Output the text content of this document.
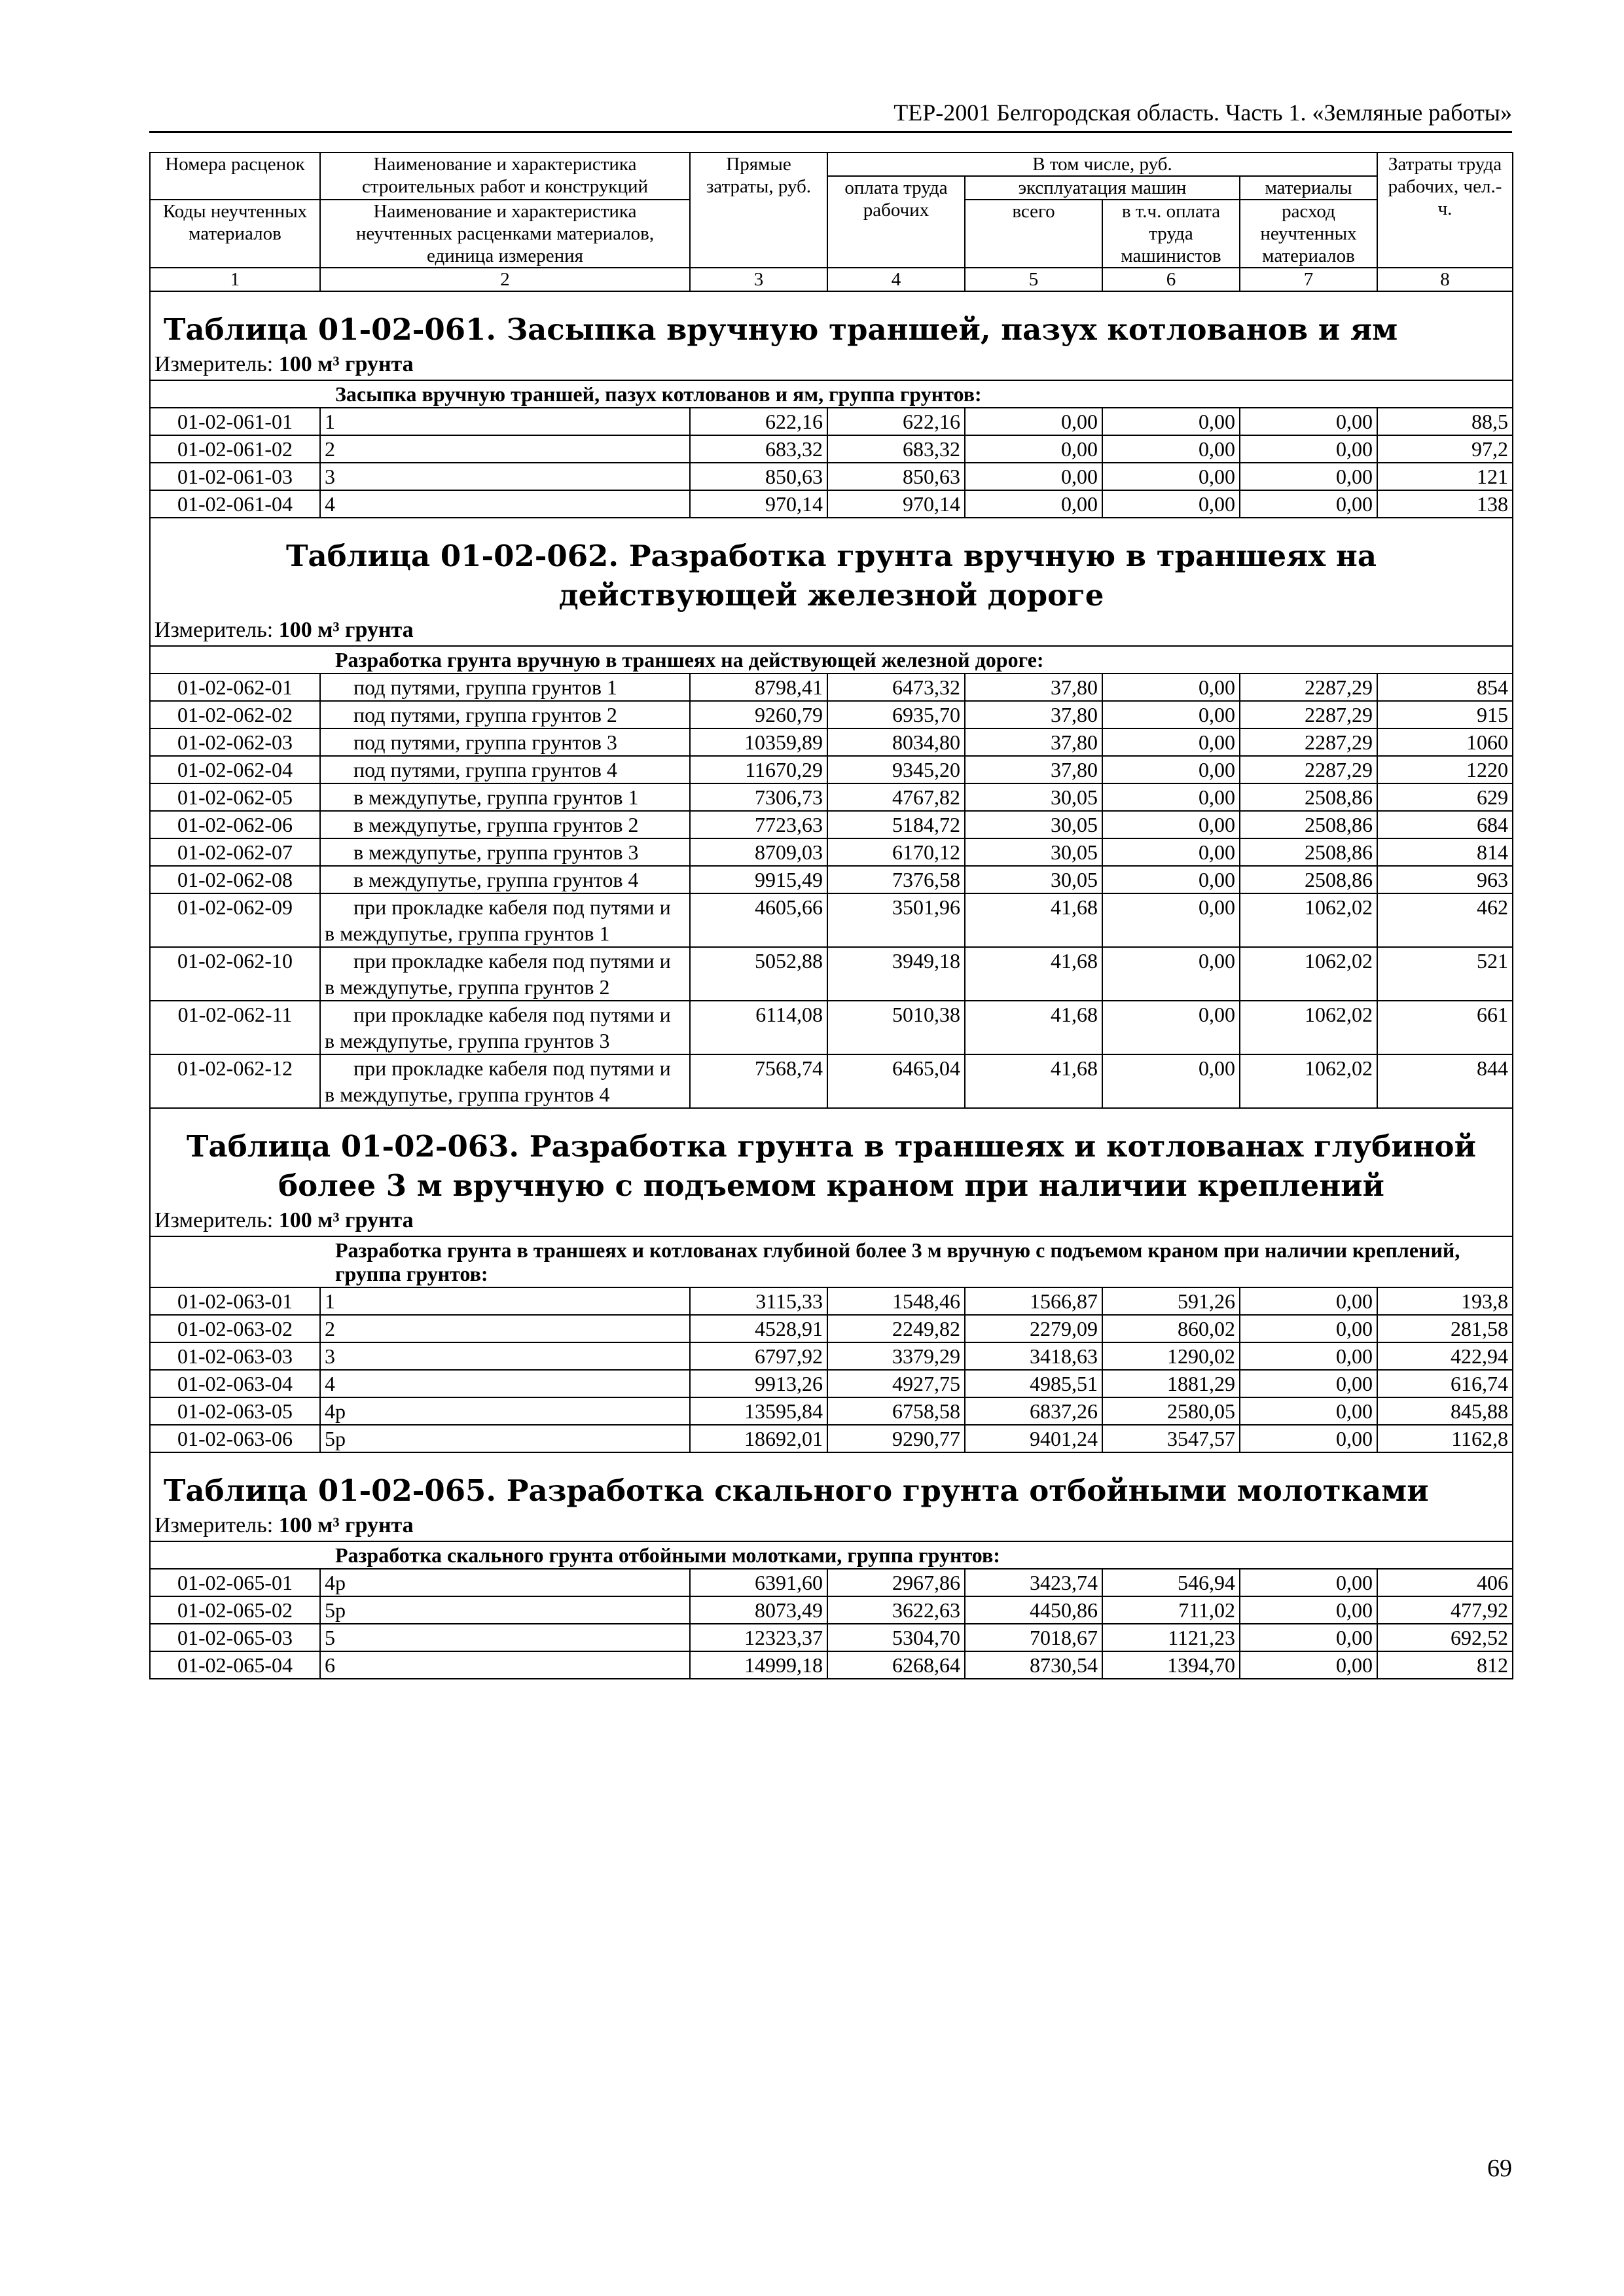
ТЕР-2001 Белгородская область. Часть 1. «Земляные работы»
Номера расценок	Наименование и характеристика строительных работ и конструкций	Прямые затраты, руб.	В том числе, руб.				Затраты труда рабочих, чел.-ч.
			оплата труда рабочих	эксплуатация машин		материалы	
Коды неучтенных материалов	Наименование и характеристика неучтенных расценками материалов, единица измерения			всего	в т.ч. оплата труда машинистов	расход неучтенных материалов	

1	2	3	4	5	6	7	8
Таблица 01-02-061. Засыпка вручную траншей, пазух котлованов и ям							
Измеритель: 100 м³ грунта							
Засыпка вручную траншей, пазух котлованов и ям, группа грунтов:							
01-02-061-01	1	622,16	622,16	0,00	0,00	0,00	88,5
01-02-061-02	2	683,32	683,32	0,00	0,00	0,00	97,2
01-02-061-03	3	850,63	850,63	0,00	0,00	0,00	121
01-02-061-04	4	970,14	970,14	0,00	0,00	0,00	138
Таблица 01-02-062. Разработка грунта вручную в траншеях на действующей железной дороге							
Измеритель: 100 м³ грунта							
Разработка грунта вручную в траншеях на действующей железной дороге:							
01-02-062-01	под путями, группа грунтов 1	8798,41	6473,32	37,80	0,00	2287,29	854
01-02-062-02	под путями, группа грунтов 2	9260,79	6935,70	37,80	0,00	2287,29	915
01-02-062-03	под путями, группа грунтов 3	10359,89	8034,80	37,80	0,00	2287,29	1060
01-02-062-04	под путями, группа грунтов 4	11670,29	9345,20	37,80	0,00	2287,29	1220
01-02-062-05	в междупутье, группа грунтов 1	7306,73	4767,82	30,05	0,00	2508,86	629
01-02-062-06	в междупутье, группа грунтов 2	7723,63	5184,72	30,05	0,00	2508,86	684
01-02-062-07	в междупутье, группа грунтов 3	8709,03	6170,12	30,05	0,00	2508,86	814
01-02-062-08	в междупутье, группа грунтов 4	9915,49	7376,58	30,05	0,00	2508,86	963
01-02-062-09	при прокладке кабеля под путями и в междупутье, группа грунтов 1	4605,66	3501,96	41,68	0,00	1062,02	462
01-02-062-10	при прокладке кабеля под путями и в междупутье, группа грунтов 2	5052,88	3949,18	41,68	0,00	1062,02	521
01-02-062-11	при прокладке кабеля под путями и в междупутье, группа грунтов 3	6114,08	5010,38	41,68	0,00	1062,02	661
01-02-062-12	при прокладке кабеля под путями и в междупутье, группа грунтов 4	7568,74	6465,04	41,68	0,00	1062,02	844
Таблица 01-02-063. Разработка грунта в траншеях и котлованах глубиной более 3 м вручную с подъемом краном при наличии креплений							
Измеритель: 100 м³ грунта							
Разработка грунта в траншеях и котлованах глубиной более 3 м вручную с подъемом краном при наличии креплений, группа грунтов:							
01-02-063-01	1	3115,33	1548,46	1566,87	591,26	0,00	193,8
01-02-063-02	2	4528,91	2249,82	2279,09	860,02	0,00	281,58
01-02-063-03	3	6797,92	3379,29	3418,63	1290,02	0,00	422,94
01-02-063-04	4	9913,26	4927,75	4985,51	1881,29	0,00	616,74
01-02-063-05	4р	13595,84	6758,58	6837,26	2580,05	0,00	845,88
01-02-063-06	5р	18692,01	9290,77	9401,24	3547,57	0,00	1162,8
Таблица 01-02-065. Разработка скального грунта отбойными молотками							
Измеритель: 100 м³ грунта							
Разработка скального грунта отбойными молотками, группа грунтов:							
01-02-065-01	4р	6391,60	2967,86	3423,74	546,94	0,00	406
01-02-065-02	5р	8073,49	3622,63	4450,86	711,02	0,00	477,92
01-02-065-03	5	12323,37	5304,70	7018,67	1121,23	0,00	692,52
01-02-065-04	6	14999,18	6268,64	8730,54	1394,70	0,00	812
69
